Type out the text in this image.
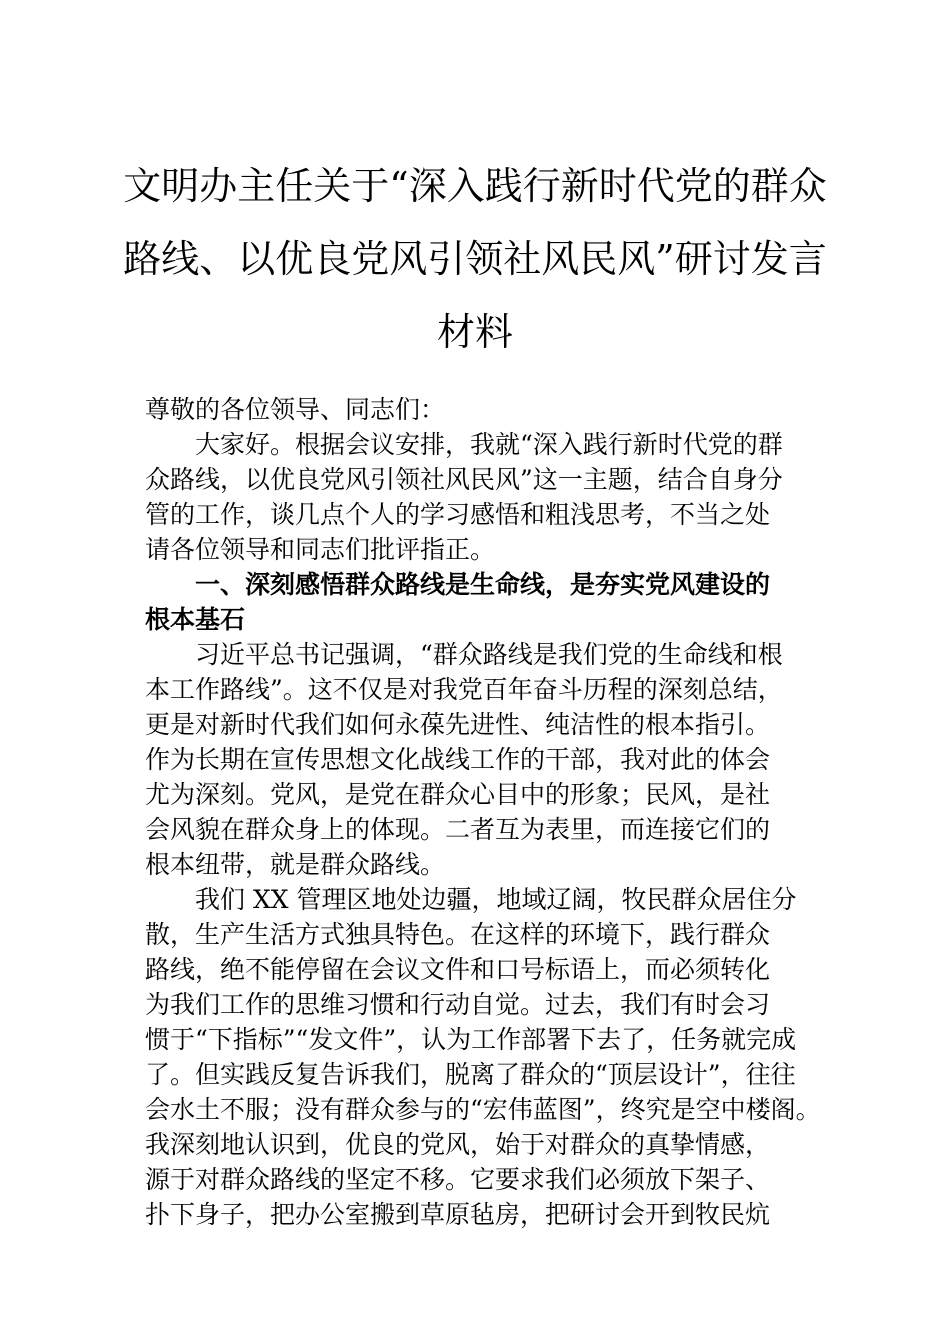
文明办主任关于“深入践行新时代党的群众
路线、以优良党风引领社风民风”研讨发言
材料

尊敬的各位领导、同志们：

大家好。根据会议安排，我就“深入践行新时代党的群

众路线，以优良党风引领社风民风”这一主题，结合自身分

管的工作，谈几点个人的学习感悟和粗浅思考，不当之处

请各位领导和同志们批评指正。

一、深刻感悟群众路线是生命线，是夯实党风建设的

根本基石

习近平总书记强调，“群众路线是我们党的生命线和根

本工作路线”。这不仅是对我党百年奋斗历程的深刻总结，

更是对新时代我们如何永葆先进性、纯洁性的根本指引。

作为长期在宣传思想文化战线工作的干部，我对此的体会

尤为深刻。党风，是党在群众心目中的形象；民风，是社

会风貌在群众身上的体现。二者互为表里，而连接它们的

根本纽带，就是群众路线。

我们 XX 管理区地处边疆，地域辽阔，牧民群众居住分

散，生产生活方式独具特色。在这样的环境下，践行群众

路线，绝不能停留在会议文件和口号标语上，而必须转化

为我们工作的思维习惯和行动自觉。过去，我们有时会习

惯于“下指标”“发文件”，认为工作部署下去了，任务就完成

了。但实践反复告诉我们，脱离了群众的“顶层设计”，往往

会水土不服；没有群众参与的“宏伟蓝图”，终究是空中楼阁。

我深刻地认识到，优良的党风，始于对群众的真挚情感，

源于对群众路线的坚定不移。它要求我们必须放下架子、

扑下身子，把办公室搬到草原毡房，把研讨会开到牧民炕
